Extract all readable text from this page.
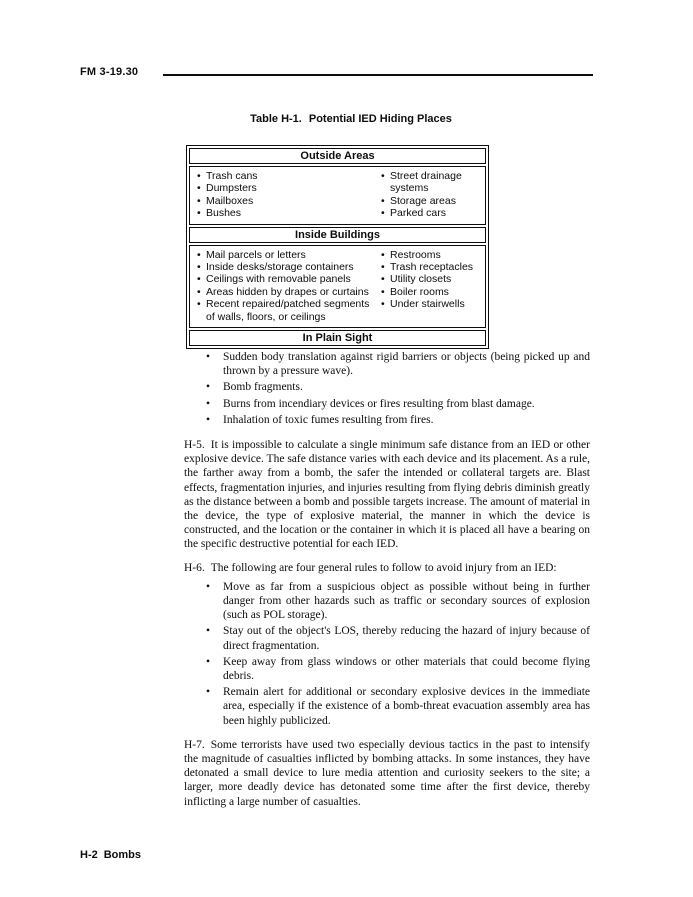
FM 3-19.30
Table H-1. Potential IED Hiding Places
Outside Areas
• Trash cans
• Dumpsters
• Mailboxes
• Bushes
• Street drainage systems
• Storage areas
• Parked cars
Inside Buildings
• Mail parcels or letters
• Inside desks/storage containers
• Ceilings with removable panels
• Areas hidden by drapes or curtains
• Recent repaired/patched segments of walls, floors, or ceilings
• Restrooms
• Trash receptacles
• Utility closets
• Boiler rooms
• Under stairwells
In Plain Sight
• Sudden body translation against rigid barriers or objects (being picked up and thrown by a pressure wave).
• Bomb fragments.
• Burns from incendiary devices or fires resulting from blast damage.
• Inhalation of toxic fumes resulting from fires.

H-5. It is impossible to calculate a single minimum safe distance from an IED or other explosive device. The safe distance varies with each device and its placement. As a rule, the farther away from a bomb, the safer the intended or collateral targets are. Blast effects, fragmentation injuries, and injuries resulting from flying debris diminish greatly as the distance between a bomb and possible targets increase. The amount of material in the device, the type of explosive material, the manner in which the device is constructed, and the location or the container in which it is placed all have a bearing on the specific destructive potential for each IED.

H-6. The following are four general rules to follow to avoid injury from an IED:

• Move as far from a suspicious object as possible without being in further danger from other hazards such as traffic or secondary sources of explosion (such as POL storage).
• Stay out of the object's LOS, thereby reducing the hazard of injury because of direct fragmentation.
• Keep away from glass windows or other materials that could become flying debris.
• Remain alert for additional or secondary explosive devices in the immediate area, especially if the existence of a bomb-threat evacuation assembly area has been highly publicized.

H-7. Some terrorists have used two especially devious tactics in the past to intensify the magnitude of casualties inflicted by bombing attacks. In some instances, they have detonated a small device to lure media attention and curiosity seekers to the site; a larger, more deadly device has detonated some time after the first device, thereby inflicting a large number of casualties.

H-2 Bombs
